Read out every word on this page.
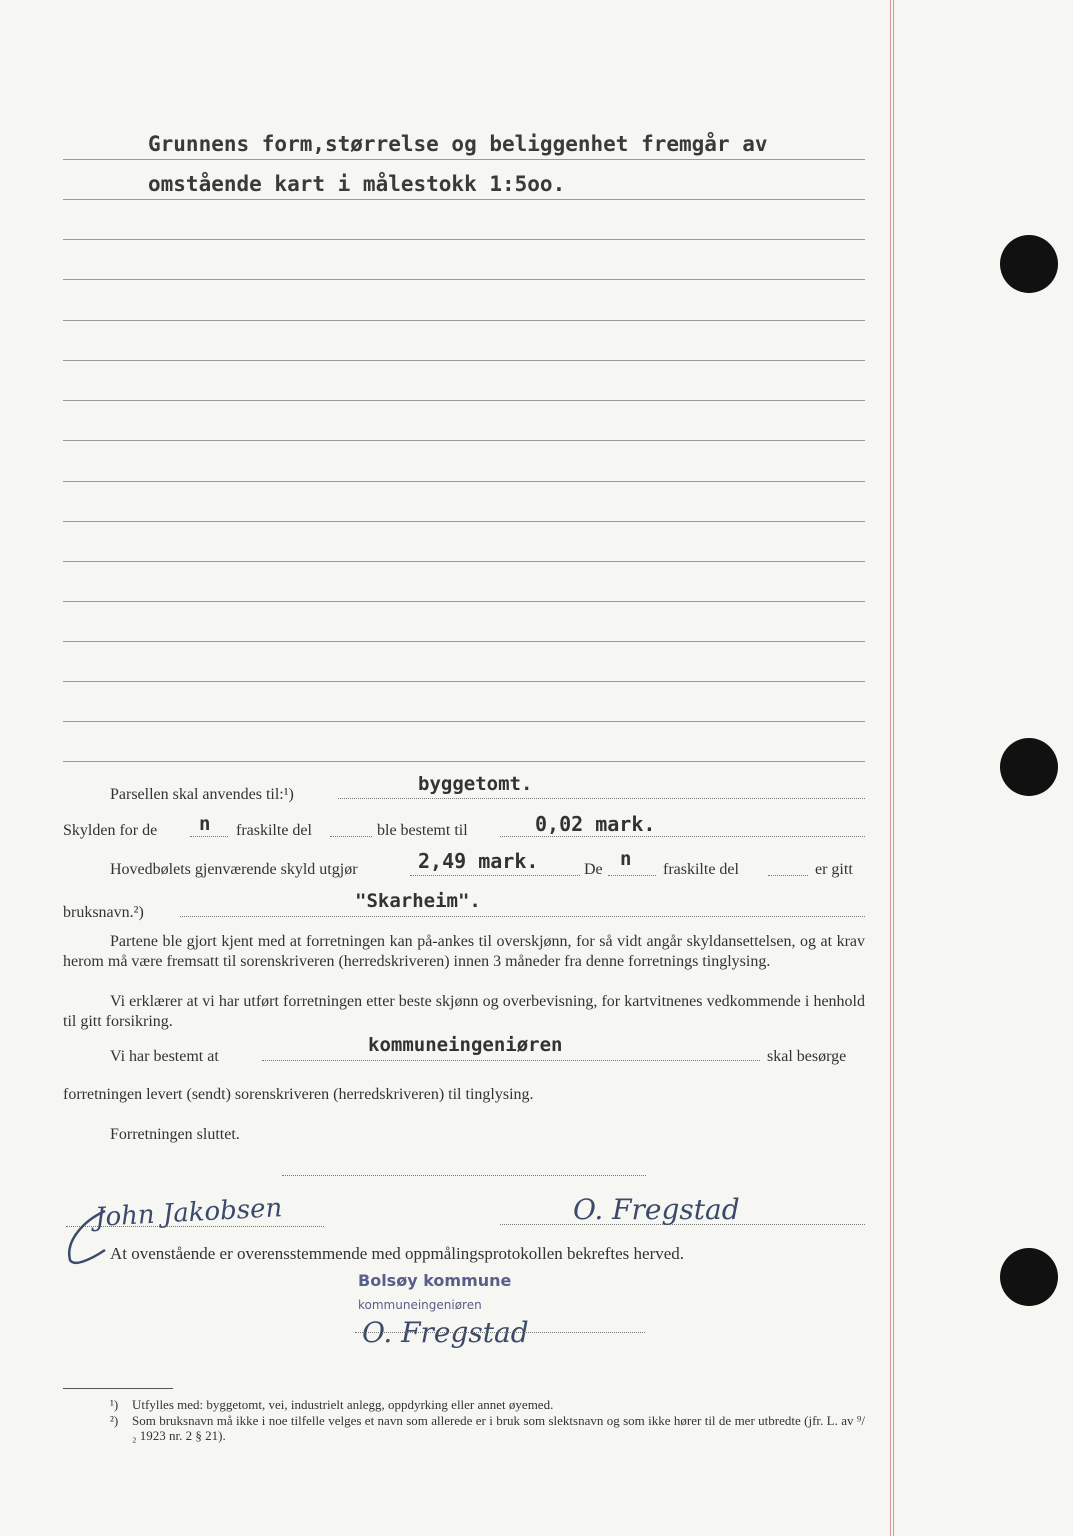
Grunnens form,størrelse og beliggenhet fremgår av
omstående kart i målestokk 1:5oo.
Parsellen skal anvendes til:¹)	byggetomt.
Skylden for de n fraskilte del	ble bestemt til	0,02 mark.
Hovedbølets gjenværende skyld utgjør	2,49 mark.	De n fraskilte del	er gitt
bruksnavn.²)
"Skarheim".
Partene ble gjort kjent med at forretningen kan på-ankes til overskjønn, for så vidt angår skyldansettelsen, og at krav herom må være fremsatt til sorenskriveren (herredskriveren) innen 3 måneder fra denne forretnings tinglysing.
Vi erklærer at vi har utført forretningen etter beste skjønn og overbevisning, for kartvitnenes vedkommende i henhold til gitt forsikring.
Vi har bestemt at
kommuneingeniøren
skal besørge
forretningen levert (sendt) sorenskriveren (herredskriveren) til tinglysing.
Forretningen sluttet.
John Jakobsen	O. Fregstad
At ovenstående er overensstemmende med oppmålingsprotokollen bekreftes herved.
Bolsøy kommune
kommuneingeniøren
O. Fregstad
¹)	Utfylles med: byggetomt, vei, industrielt anlegg, oppdyrking eller annet øyemed.
²)	Som bruksnavn må ikke i noe tilfelle velges et navn som allerede er i bruk som slektsnavn og som ikke hører til de mer utbredte (jfr. L. av ⁹/₂ 1923 nr. 2 § 21).
